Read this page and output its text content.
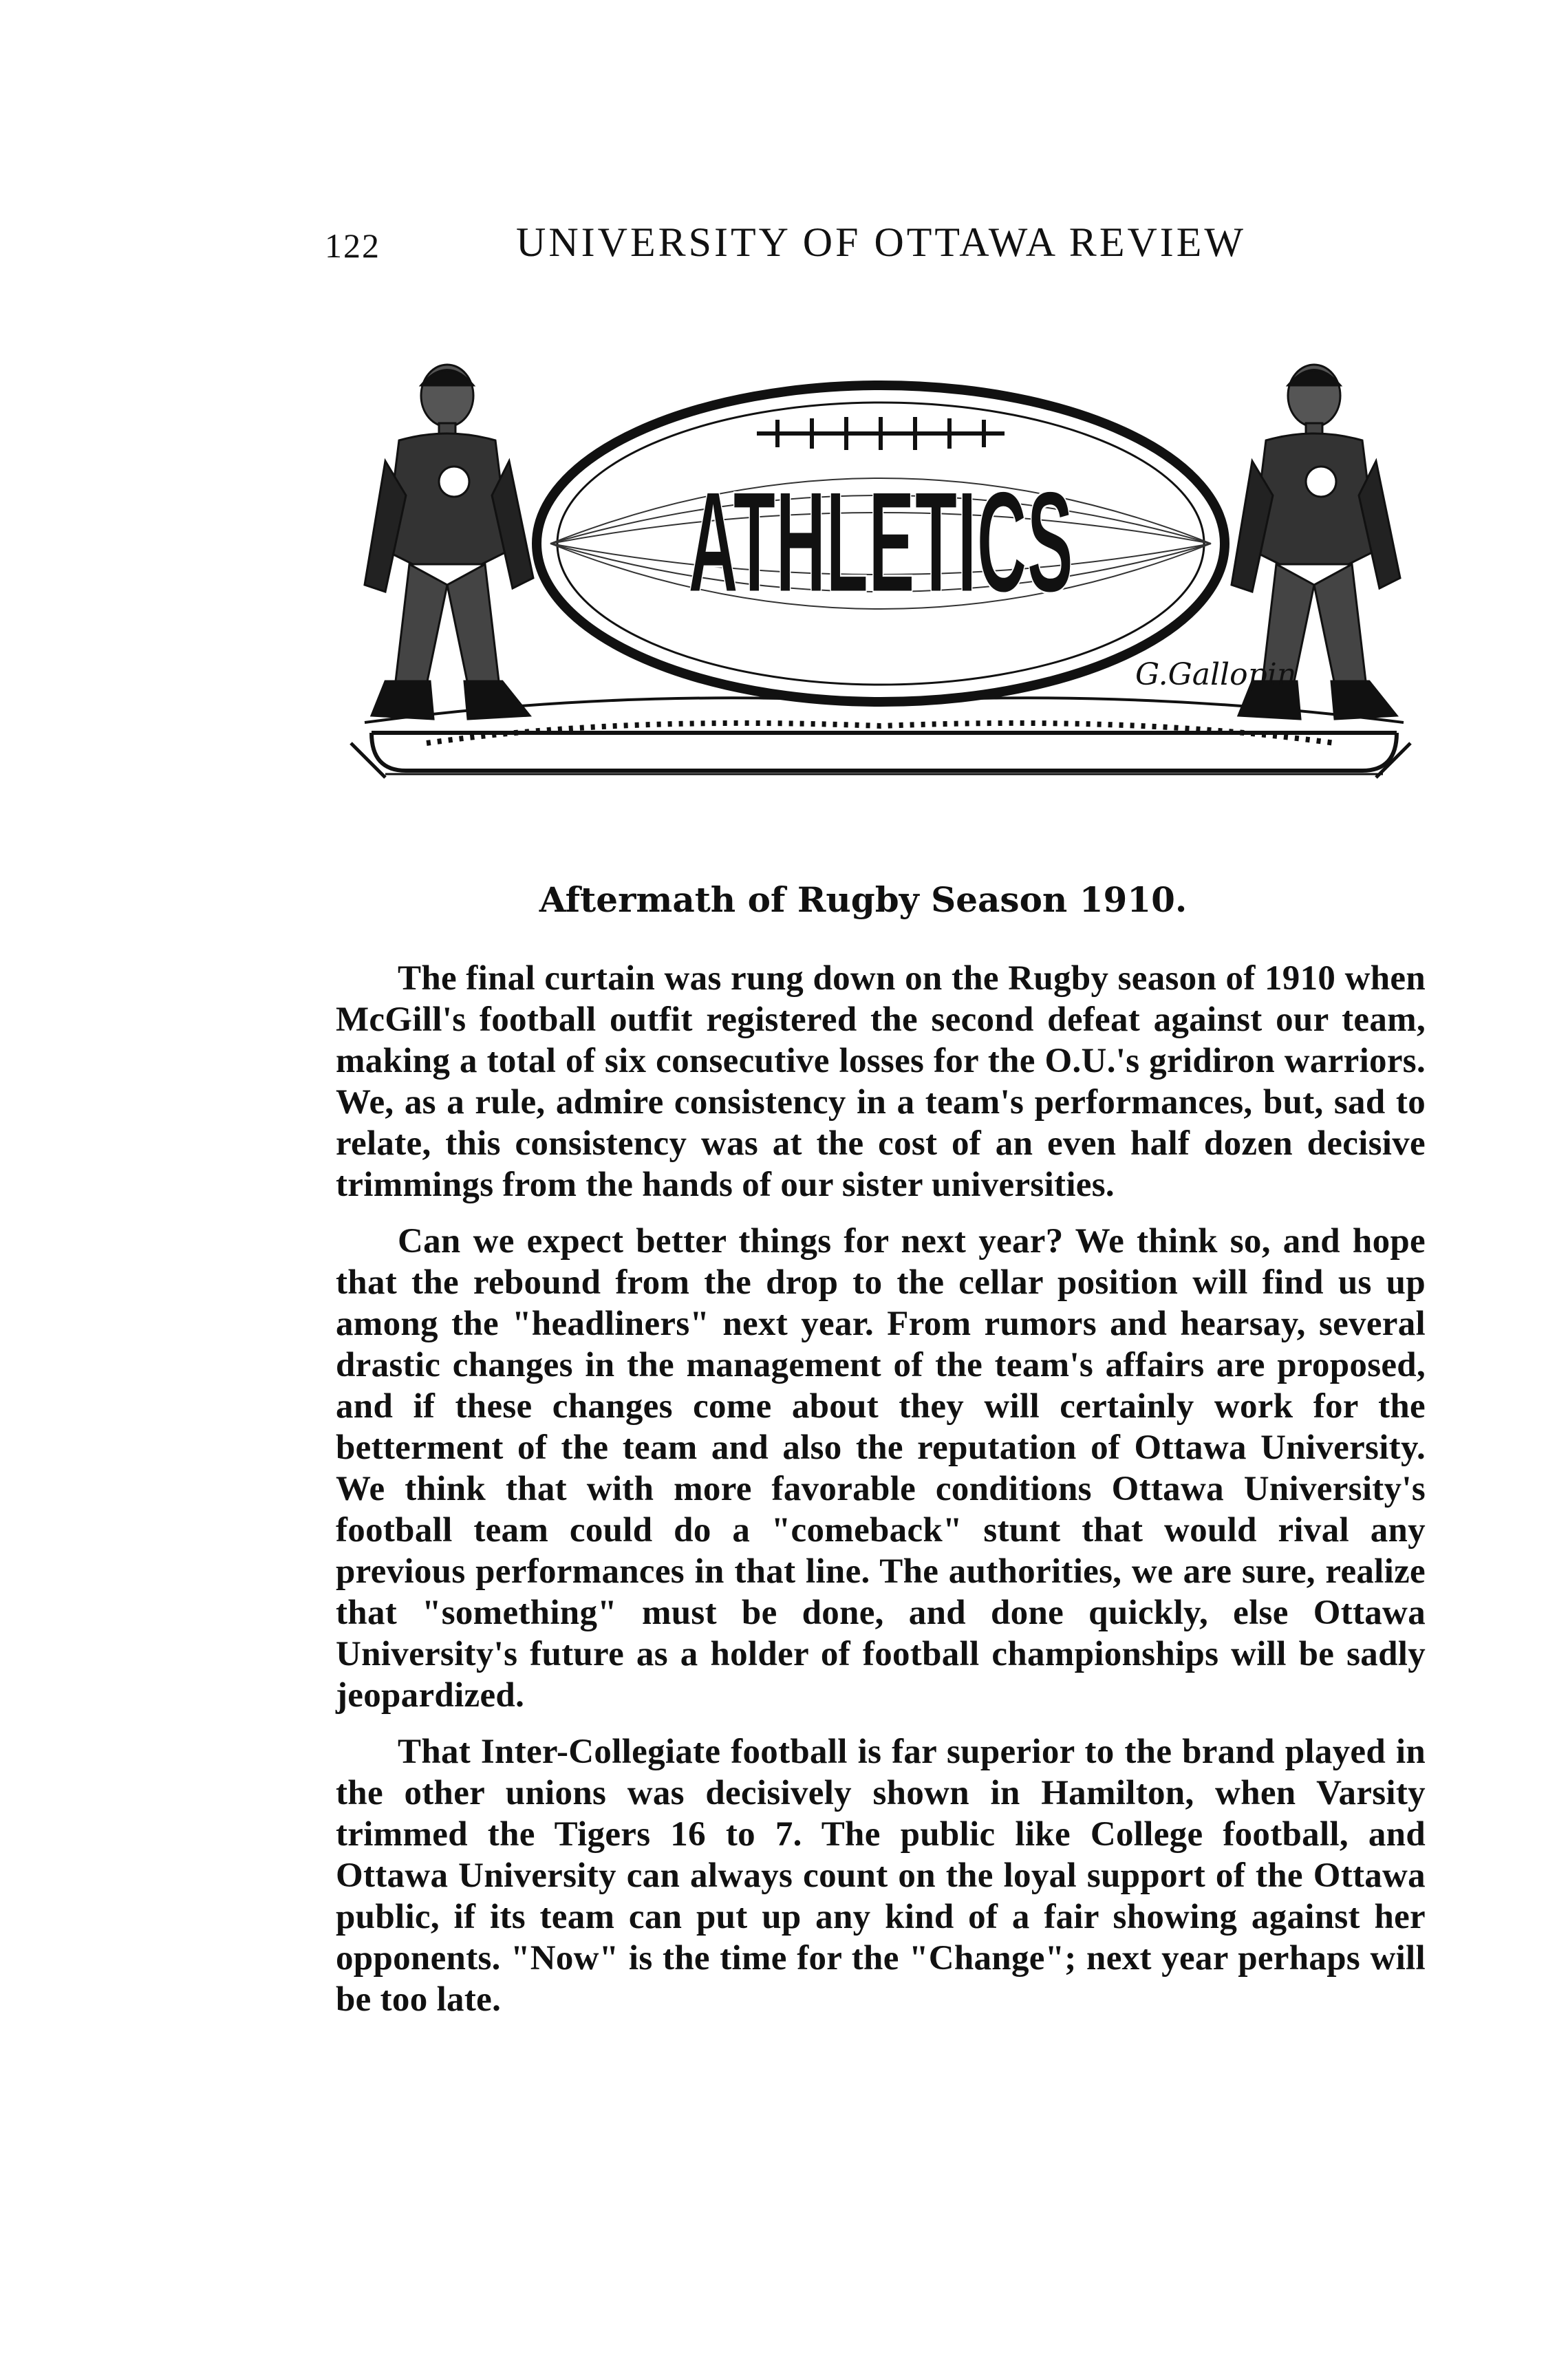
122	UNIVERSITY OF OTTAWA REVIEW
ATHLETICS
G.Gallopin
Aftermath of Rugby Season 1910.

The final curtain was rung down on the Rugby season of 1910 when McGill's football outfit registered the second defeat against our team, making a total of six consecutive losses for the O.U.'s gridiron warriors. We, as a rule, admire consistency in a team's performances, but, sad to relate, this consistency was at the cost of an even half dozen decisive trimmings from the hands of our sister universities.

Can we expect better things for next year? We think so, and hope that the rebound from the drop to the cellar position will find us up among the "headliners" next year. From rumors and hearsay, several drastic changes in the management of the team's affairs are proposed, and if these changes come about they will certainly work for the betterment of the team and also the reputation of Ottawa University. We think that with more favorable conditions Ottawa University's football team could do a "comeback" stunt that would rival any previous performances in that line. The authorities, we are sure, realize that "something" must be done, and done quickly, else Ottawa University's future as a holder of football championships will be sadly jeopardized.

That Inter-Collegiate football is far superior to the brand played in the other unions was decisively shown in Hamilton, when Varsity trimmed the Tigers 16 to 7. The public like College football, and Ottawa University can always count on the loyal support of the Ottawa public, if its team can put up any kind of a fair showing against her opponents. "Now" is the time for the "Change"; next year perhaps will be too late.
